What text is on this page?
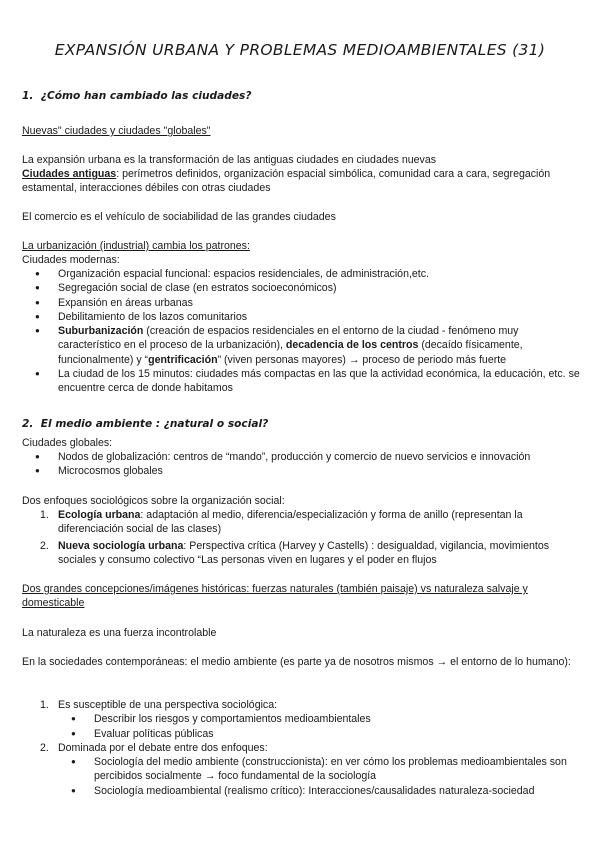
EXPANSIÓN URBANA Y PROBLEMAS MEDIOAMBIENTALES (31)
1. ¿Cómo han cambiado las ciudades?

Nuevas" ciudades y ciudades "globales"

La expansión urbana es la transformación de las antiguas ciudades en ciudades nuevas

Ciudades antiguas: perímetros definidos, organización espacial simbólica, comunidad cara a cara, segregación estamental, interacciones débiles con otras ciudades

El comercio es el vehículo de sociabilidad de las grandes ciudades

La urbanización (industrial) cambia los patrones:

Ciudades modernas:

● Organización espacial funcional: espacios residenciales, de administración,etc.
● Segregación social de clase (en estratos socioeconómicos)
● Expansión en áreas urbanas
● Debilitamiento de los lazos comunitarios
● Suburbanización (creación de espacios residenciales en el entorno de la ciudad - fenómeno muy característico en el proceso de la urbanización), decadencia de los centros (decaído físicamente, funcionalmente) y “gentrificación” (viven personas mayores) → proceso de periodo más fuerte
● La ciudad de los 15 minutos: ciudades más compactas en las que la actividad económica, la educación, etc. se encuentre cerca de donde habitamos
2. El medio ambiente : ¿natural o social?

Ciudades globales:

● Nodos de globalización: centros de “mando”, producción y comercio de nuevo servicios e innovación
● Microcosmos globales

Dos enfoques sociológicos sobre la organización social:

1. Ecología urbana: adaptación al medio, diferencia/especialización y forma de anillo (representan la diferenciación social de las clases)
2. Nueva sociología urbana: Perspectiva crítica (Harvey y Castells) : desigualdad, vigilancia, movimientos sociales y consumo colectivo “Las personas viven en lugares y el poder en flujos

Dos grandes concepciones/imágenes históricas: fuerzas naturales (también paisaje) vs naturaleza salvaje y domesticable

La naturaleza es una fuerza incontrolable

En la sociedades contemporáneas: el medio ambiente (es parte ya de nosotros mismos → el entorno de lo humano):

1. Es susceptible de una perspectiva sociológica:
● Describir los riesgos y comportamientos medioambientales
● Evaluar políticas públicas
2. Dominada por el debate entre dos enfoques:
● Sociología del medio ambiente (construccionista): en ver cómo los problemas medioambientales son percibidos socialmente → foco fundamental de la sociología
● Sociología medioambiental (realismo crítico): Interacciones/causalidades naturaleza-sociedad
